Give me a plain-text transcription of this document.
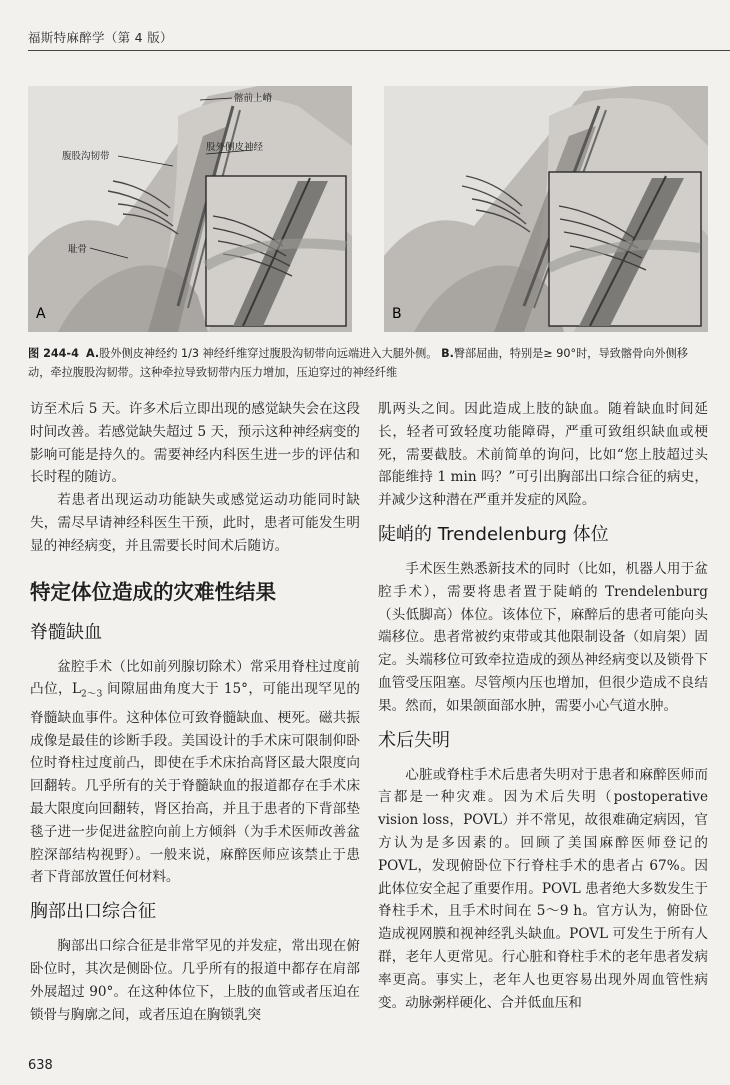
福斯特麻醉学（第 4 版）
髂前上嵴
腹股沟韧带
股外侧皮神经
耻骨
A	B
图 244-4 A.股外侧皮神经约 1/3 神经纤维穿过腹股沟韧带向远端进入大腿外侧。 B.臀部屈曲，特别是≥ 90°时，导致髂骨向外侧移动，牵拉腹股沟韧带。这种牵拉导致韧带内压力增加，压迫穿过的神经纤维

访至术后 5 天。许多术后立即出现的感觉缺失会在这段时间改善。若感觉缺失超过 5 天，预示这种神经病变的影响可能是持久的。需要神经内科医生进一步的评估和长时程的随访。

若患者出现运动功能缺失或感觉运动功能同时缺失，需尽早请神经科医生干预，此时，患者可能发生明显的神经病变，并且需要长时间术后随访。

特定体位造成的灾难性结果
脊髓缺血

盆腔手术（比如前列腺切除术）常采用脊柱过度前凸位，$L_{2\sim 3}$ 间隙屈曲角度大于 15°，可能出现罕见的脊髓缺血事件。这种体位可致脊髓缺血、梗死。磁共振成像是最佳的诊断手段。美国设计的手术床可限制仰卧位时脊柱过度前凸，即使在手术床抬高肾区最大限度向回翻转。几乎所有的关于脊髓缺血的报道都存在手术床最大限度向回翻转，肾区抬高，并且于患者的下背部垫毯子进一步促进盆腔向前上方倾斜（为手术医师改善盆腔深部结构视野）。一般来说，麻醉医师应该禁止于患者下背部放置任何材料。

胸部出口综合征

胸部出口综合征是非常罕见的并发症，常出现在俯卧位时，其次是侧卧位。几乎所有的报道中都存在肩部外展超过 90°。在这种体位下，上肢的血管或者压迫在锁骨与胸廓之间，或者压迫在胸锁乳突

肌两头之间。因此造成上肢的缺血。随着缺血时间延长，轻者可致轻度功能障碍，严重可致组织缺血或梗死，需要截肢。术前简单的询问，比如“您上肢超过头部能维持 1 min 吗？”可引出胸部出口综合征的病史，并减少这种潜在严重并发症的风险。

陡峭的 Trendelenburg 体位

手术医生熟悉新技术的同时（比如，机器人用于盆腔手术），需要将患者置于陡峭的 Trendelenburg（头低脚高）体位。该体位下，麻醉后的患者可能向头端移位。患者常被约束带或其他限制设备（如肩架）固定。头端移位可致牵拉造成的颈丛神经病变以及锁骨下血管受压阻塞。尽管颅内压也增加，但很少造成不良结果。然而，如果颌面部水肿，需要小心气道水肿。

术后失明

心脏或脊柱手术后患者失明对于患者和麻醉医师而言都是一种灾难。因为术后失明（postoperative vision loss，POVL）并不常见，故很难确定病因，官方认为是多因素的。回顾了美国麻醉医师登记的 POVL，发现俯卧位下行脊柱手术的患者占 67%。因此体位安全起了重要作用。POVL 患者绝大多数发生于脊柱手术，且手术时间在 5～9 h。官方认为，俯卧位造成视网膜和视神经乳头缺血。POVL 可发生于所有人群，老年人更常见。行心脏和脊柱手术的老年患者发病率更高。事实上，老年人也更容易出现外周血管性病变。动脉粥样硬化、合并低血压和

638
